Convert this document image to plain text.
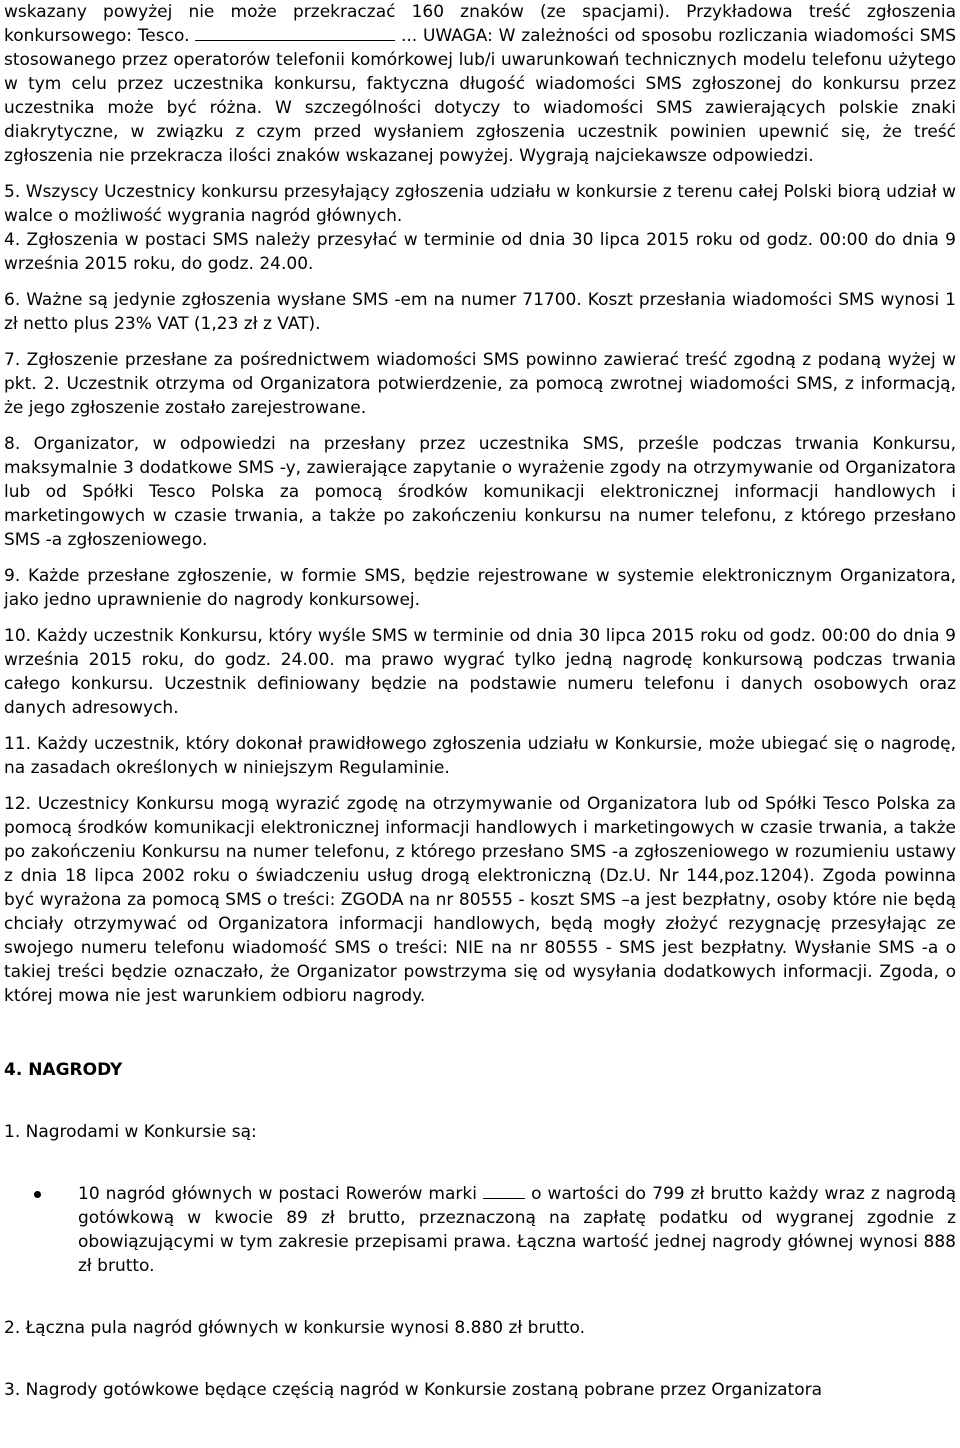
wskazany powyżej nie może przekraczać 160 znaków (ze spacjami). Przykładowa treść zgłoszenia konkursowego: Tesco.	... UWAGA: W zależności od sposobu rozliczania wiadomości SMS stosowanego przez operatorów telefonii komórkowej lub/i uwarunkowań technicznych modelu telefonu użytego w tym celu przez uczestnika konkursu, faktyczna długość wiadomości SMS zgłoszonej do konkursu przez uczestnika może być różna. W szczególności dotyczy to wiadomości SMS zawierających polskie znaki diakrytyczne, w związku z czym przed wysłaniem zgłoszenia uczestnik powinien upewnić się, że treść zgłoszenia nie przekracza ilości znaków wskazanej powyżej. Wygrają najciekawsze odpowiedzi.

5. Wszyscy Uczestnicy konkursu przesyłający zgłoszenia udziału w konkursie z terenu całej Polski biorą udział w walce o możliwość wygrania nagród głównych.

4. Zgłoszenia w postaci SMS należy przesyłać w terminie od dnia 30 lipca 2015 roku od godz. 00:00 do dnia 9 września 2015 roku, do godz. 24.00.

6. Ważne są jedynie zgłoszenia wysłane SMS -em na numer 71700. Koszt przesłania wiadomości SMS wynosi 1 zł netto plus 23% VAT (1,23 zł z VAT).

7. Zgłoszenie przesłane za pośrednictwem wiadomości SMS powinno zawierać treść zgodną z podaną wyżej w pkt. 2. Uczestnik otrzyma od Organizatora potwierdzenie, za pomocą zwrotnej wiadomości SMS, z informacją, że jego zgłoszenie zostało zarejestrowane.

8. Organizator, w odpowiedzi na przesłany przez uczestnika SMS, prześle podczas trwania Konkursu, maksymalnie 3 dodatkowe SMS -y, zawierające zapytanie o wyrażenie zgody na otrzymywanie od Organizatora lub od Spółki Tesco Polska za pomocą środków komunikacji elektronicznej informacji handlowych i marketingowych w czasie trwania, a także po zakończeniu konkursu na numer telefonu, z którego przesłano SMS -a zgłoszeniowego.

9. Każde przesłane zgłoszenie, w formie SMS, będzie rejestrowane w systemie elektronicznym Organizatora, jako jedno uprawnienie do nagrody konkursowej.

10. Każdy uczestnik Konkursu, który wyśle SMS w terminie od dnia 30 lipca 2015 roku od godz. 00:00 do dnia 9 września 2015 roku, do godz. 24.00. ma prawo wygrać tylko jedną nagrodę konkursową podczas trwania całego konkursu. Uczestnik definiowany będzie na podstawie numeru telefonu i danych osobowych oraz danych adresowych.

11. Każdy uczestnik, który dokonał prawidłowego zgłoszenia udziału w Konkursie, może ubiegać się o nagrodę, na zasadach określonych w niniejszym Regulaminie.

12. Uczestnicy Konkursu mogą wyrazić zgodę na otrzymywanie od Organizatora lub od Spółki Tesco Polska za pomocą środków komunikacji elektronicznej informacji handlowych i marketingowych w czasie trwania, a także po zakończeniu Konkursu na numer telefonu, z którego przesłano SMS -a zgłoszeniowego w rozumieniu ustawy z dnia 18 lipca 2002 roku o świadczeniu usług drogą elektroniczną (Dz.U. Nr 144,poz.1204). Zgoda powinna być wyrażona za pomocą SMS o treści: ZGODA na nr 80555 - koszt SMS –a jest bezpłatny, osoby które nie będą chciały otrzymywać od Organizatora informacji handlowych, będą mogły złożyć rezygnację przesyłając ze swojego numeru telefonu wiadomość SMS o treści: NIE na nr 80555 - SMS jest bezpłatny. Wysłanie SMS -a o takiej treści będzie oznaczało, że Organizator powstrzyma się od wysyłania dodatkowych informacji. Zgoda, o której mowa nie jest warunkiem odbioru nagrody.

4. NAGRODY

1. Nagrodami w Konkursie są:

10 nagród głównych w postaci Rowerów marki	o wartości do 799 zł brutto każdy wraz z nagrodą gotówkową w kwocie 89 zł brutto, przeznaczoną na zapłatę podatku od wygranej zgodnie z obowiązującymi w tym zakresie przepisami prawa. Łączna wartość jednej nagrody głównej wynosi 888 zł brutto.

2. Łączna pula nagród głównych w konkursie wynosi 8.880 zł brutto.

3. Nagrody gotówkowe będące częścią nagród w Konkursie zostaną pobrane przez Organizatora
